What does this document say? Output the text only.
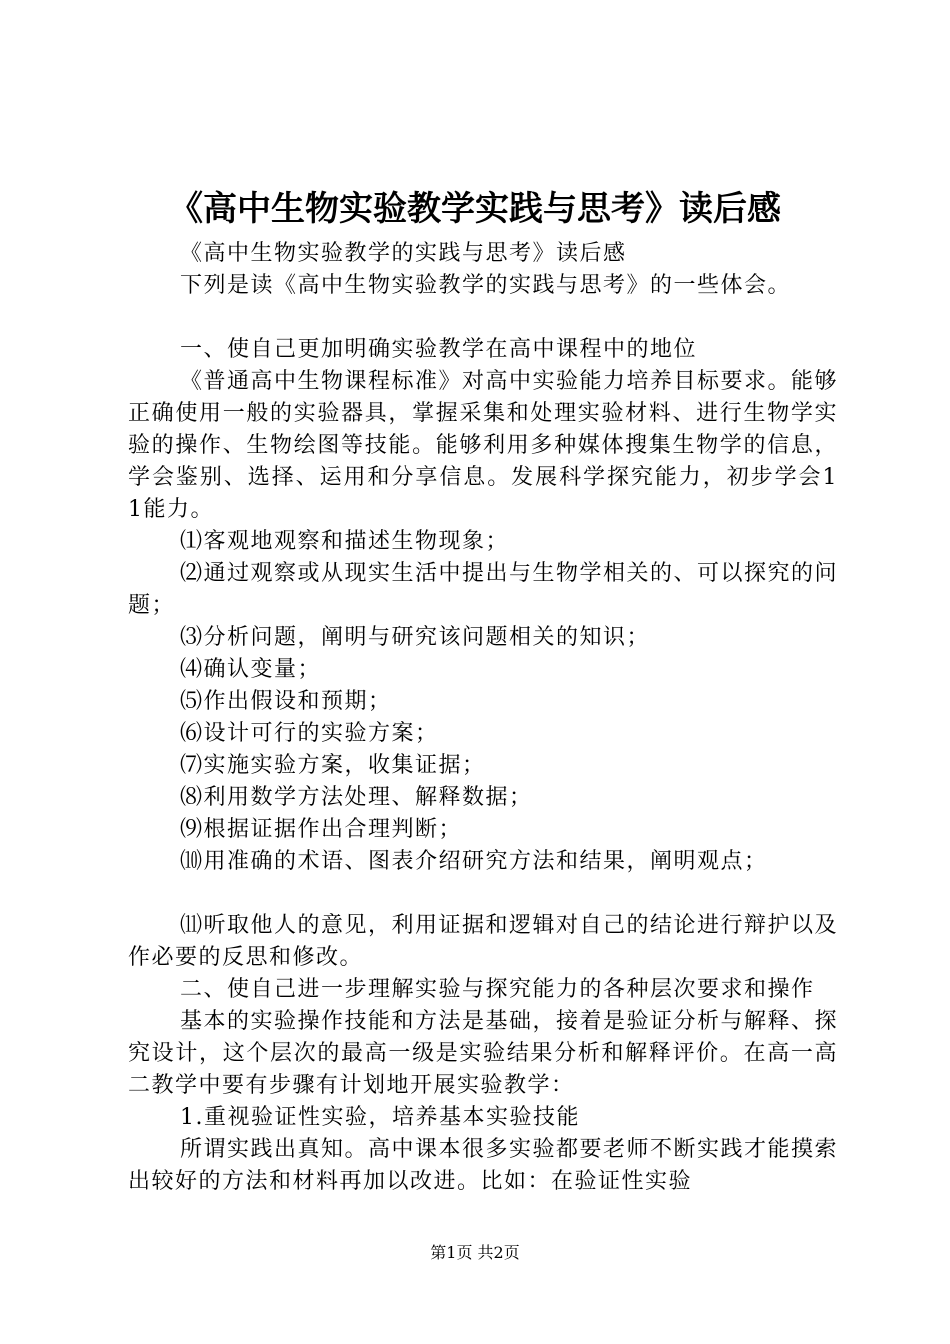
《高中生物实验教学实践与思考》读后感

《高中生物实验教学的实践与思考》读后感

下列是读《高中生物实验教学的实践与思考》的一些体会。

一、使自己更加明确实验教学在高中课程中的地位

《普通高中生物课程标准》对高中实验能力培养目标要求。能够正确使用一般的实验器具，掌握采集和处理实验材料、进行生物学实验的操作、生物绘图等技能。能够利用多种媒体搜集生物学的信息，学会鉴别、选择、运用和分享信息。发展科学探究能力，初步学会11能力。

⑴客观地观察和描述生物现象；

⑵通过观察或从现实生活中提出与生物学相关的、可以探究的问题；

⑶分析问题，阐明与研究该问题相关的知识；

⑷确认变量；

⑸作出假设和预期；

⑹设计可行的实验方案；

⑺实施实验方案，收集证据；

⑻利用数学方法处理、解释数据；

⑼根据证据作出合理判断；

⑽用准确的术语、图表介绍研究方法和结果，阐明观点；

⑾听取他人的意见，利用证据和逻辑对自己的结论进行辩护以及作必要的反思和修改。

二、使自己进一步理解实验与探究能力的各种层次要求和操作

基本的实验操作技能和方法是基础，接着是验证分析与解释、探究设计，这个层次的最高一级是实验结果分析和解释评价。在高一高二教学中要有步骤有计划地开展实验教学：

1.重视验证性实验，培养基本实验技能

所谓实践出真知。高中课本很多实验都要老师不断实践才能摸索出较好的方法和材料再加以改进。比如：在验证性实验

第1页 共2页
